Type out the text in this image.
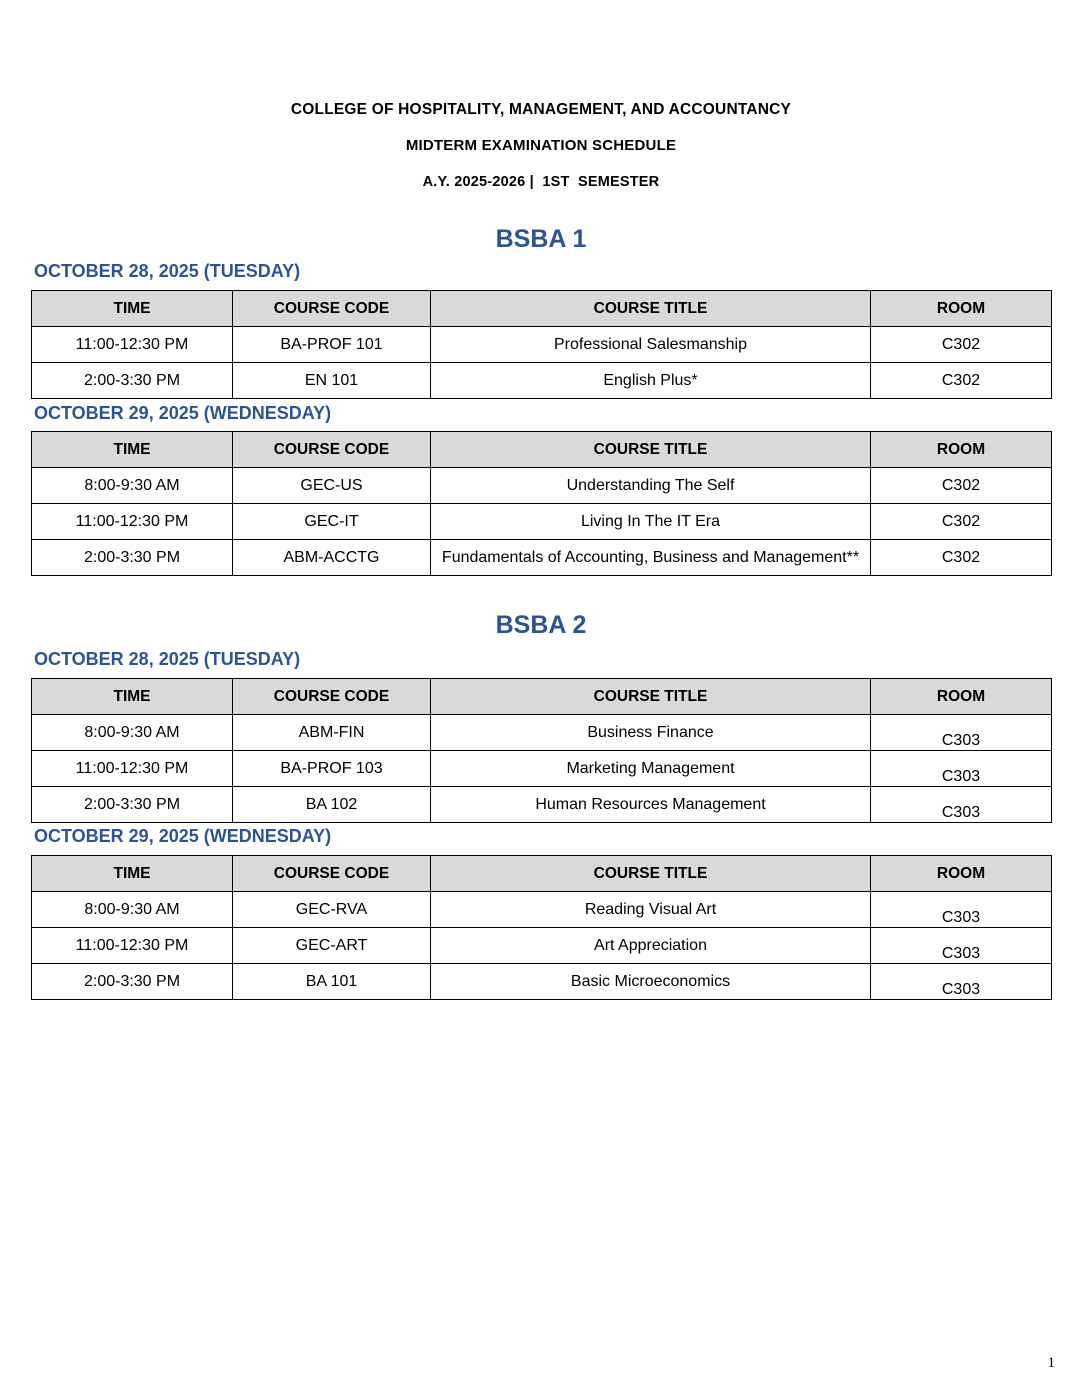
COLLEGE OF HOSPITALITY, MANAGEMENT, AND ACCOUNTANCY
MIDTERM EXAMINATION SCHEDULE
A.Y. 2025-2026 |  1ST  SEMESTER
BSBA 1
OCTOBER 28, 2025 (TUESDAY)
TIME	COURSE CODE	COURSE TITLE	ROOM
11:00-12:30 PM	BA-PROF 101	Professional Salesmanship	C302
2:00-3:30 PM	EN 101	English Plus*	C302
OCTOBER 29, 2025 (WEDNESDAY)
TIME	COURSE CODE	COURSE TITLE	ROOM
8:00-9:30 AM	GEC-US	Understanding The Self	C302
11:00-12:30 PM	GEC-IT	Living In The IT Era	C302
2:00-3:30 PM	ABM-ACCTG	Fundamentals of Accounting, Business and Management**	C302
BSBA 2
OCTOBER 28, 2025 (TUESDAY)
TIME	COURSE CODE	COURSE TITLE	ROOM
8:00-9:30 AM	ABM-FIN	Business Finance	C303
11:00-12:30 PM	BA-PROF 103	Marketing Management	C303
2:00-3:30 PM	BA 102	Human Resources Management	C303
OCTOBER 29, 2025 (WEDNESDAY)
TIME	COURSE CODE	COURSE TITLE	ROOM
8:00-9:30 AM	GEC-RVA	Reading Visual Art	C303
11:00-12:30 PM	GEC-ART	Art Appreciation	C303
2:00-3:30 PM	BA 101	Basic Microeconomics	C303
1
